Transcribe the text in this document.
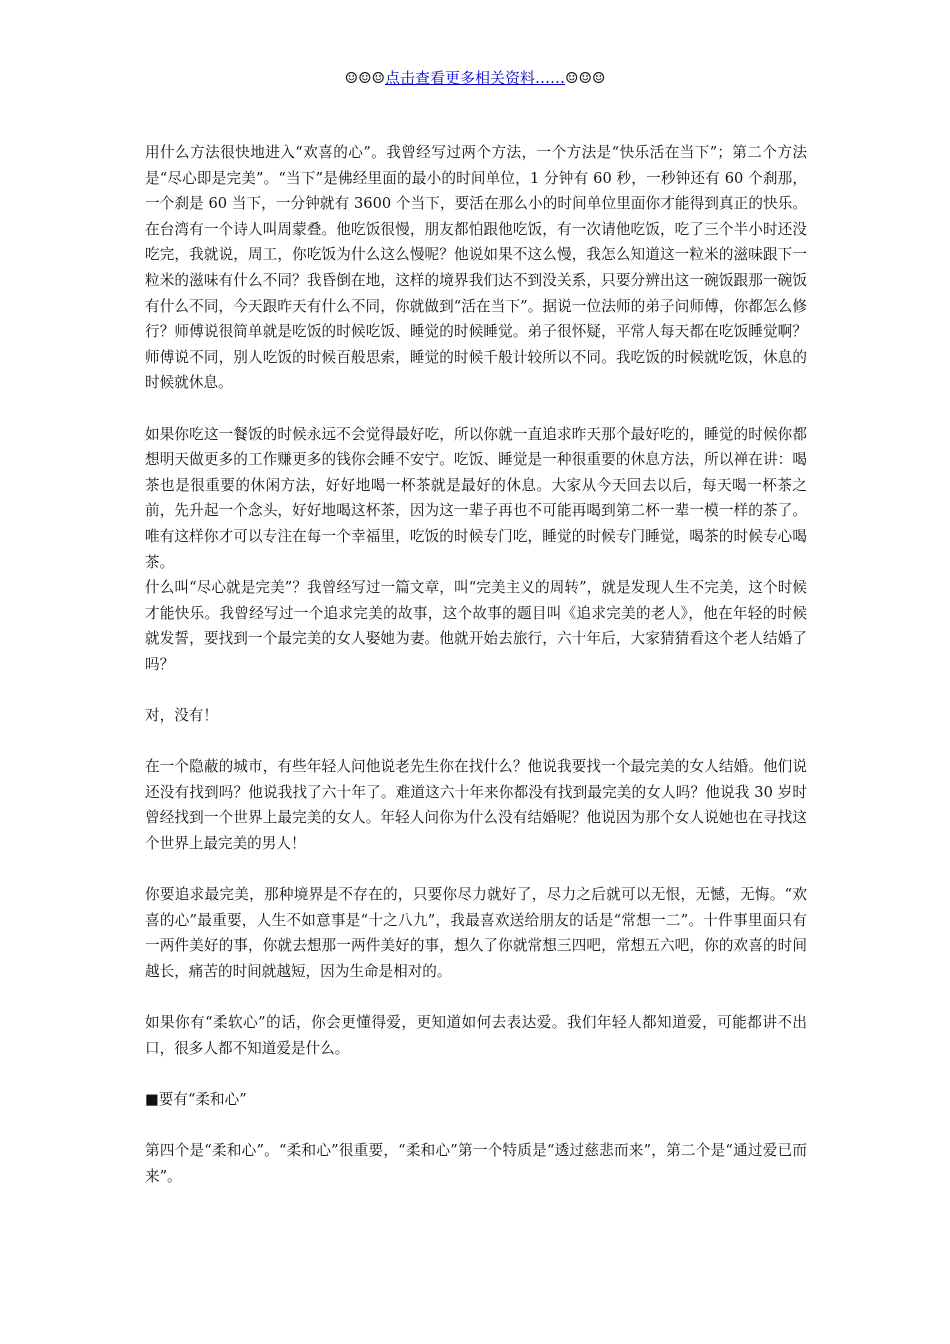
☺☺☺点击查看更多相关资料……☺☺☺

用什么方法很快地进入“欢喜的心”。我曾经写过两个方法，一个方法是“快乐活在当下”；第二个方法是“尽心即是完美”。“当下”是佛经里面的最小的时间单位，1 分钟有 60 秒，一秒钟还有 60 个刹那，一个刹是 60 当下，一分钟就有 3600 个当下，要活在那么小的时间单位里面你才能得到真正的快乐。在台湾有一个诗人叫周蒙叠。他吃饭很慢，朋友都怕跟他吃饭，有一次请他吃饭，吃了三个半小时还没吃完，我就说，周工，你吃饭为什么这么慢呢？他说如果不这么慢，我怎么知道这一粒米的滋味跟下一粒米的滋味有什么不同？我昏倒在地，这样的境界我们达不到没关系，只要分辨出这一碗饭跟那一碗饭有什么不同，今天跟昨天有什么不同，你就做到“活在当下”。据说一位法师的弟子问师傅，你都怎么修行？师傅说很简单就是吃饭的时候吃饭、睡觉的时候睡觉。弟子很怀疑，平常人每天都在吃饭睡觉啊？师傅说不同，别人吃饭的时候百般思索，睡觉的时候千般计较所以不同。我吃饭的时候就吃饭，休息的时候就休息。

如果你吃这一餐饭的时候永远不会觉得最好吃，所以你就一直追求昨天那个最好吃的，睡觉的时候你都想明天做更多的工作赚更多的钱你会睡不安宁。吃饭、睡觉是一种很重要的休息方法，所以禅在讲：喝茶也是很重要的休闲方法，好好地喝一杯茶就是最好的休息。大家从今天回去以后，每天喝一杯茶之前，先升起一个念头，好好地喝这杯茶，因为这一辈子再也不可能再喝到第二杯一辈一模一样的茶了。唯有这样你才可以专注在每一个幸福里，吃饭的时候专门吃，睡觉的时候专门睡觉，喝茶的时候专心喝茶。

什么叫“尽心就是完美”？我曾经写过一篇文章，叫“完美主义的周转”，就是发现人生不完美，这个时候才能快乐。我曾经写过一个追求完美的故事，这个故事的题目叫《追求完美的老人》，他在年轻的时候就发誓，要找到一个最完美的女人娶她为妻。他就开始去旅行，六十年后，大家猜猜看这个老人结婚了吗？

对，没有！

在一个隐蔽的城市，有些年轻人问他说老先生你在找什么？他说我要找一个最完美的女人结婚。他们说还没有找到吗？他说我找了六十年了。难道这六十年来你都没有找到最完美的女人吗？他说我 30 岁时曾经找到一个世界上最完美的女人。年轻人问你为什么没有结婚呢？他说因为那个女人说她也在寻找这个世界上最完美的男人！

你要追求最完美，那种境界是不存在的，只要你尽力就好了，尽力之后就可以无恨，无憾，无悔。“欢喜的心”最重要，人生不如意事是“十之八九”，我最喜欢送给朋友的话是“常想一二”。十件事里面只有一两件美好的事，你就去想那一两件美好的事，想久了你就常想三四吧，常想五六吧，你的欢喜的时间越长，痛苦的时间就越短，因为生命是相对的。

如果你有“柔软心”的话，你会更懂得爱，更知道如何去表达爱。我们年轻人都知道爱，可能都讲不出口，很多人都不知道爱是什么。

■要有“柔和心”

第四个是“柔和心”。“柔和心”很重要，“柔和心”第一个特质是“透过慈悲而来”，第二个是“通过爱已而来”。
